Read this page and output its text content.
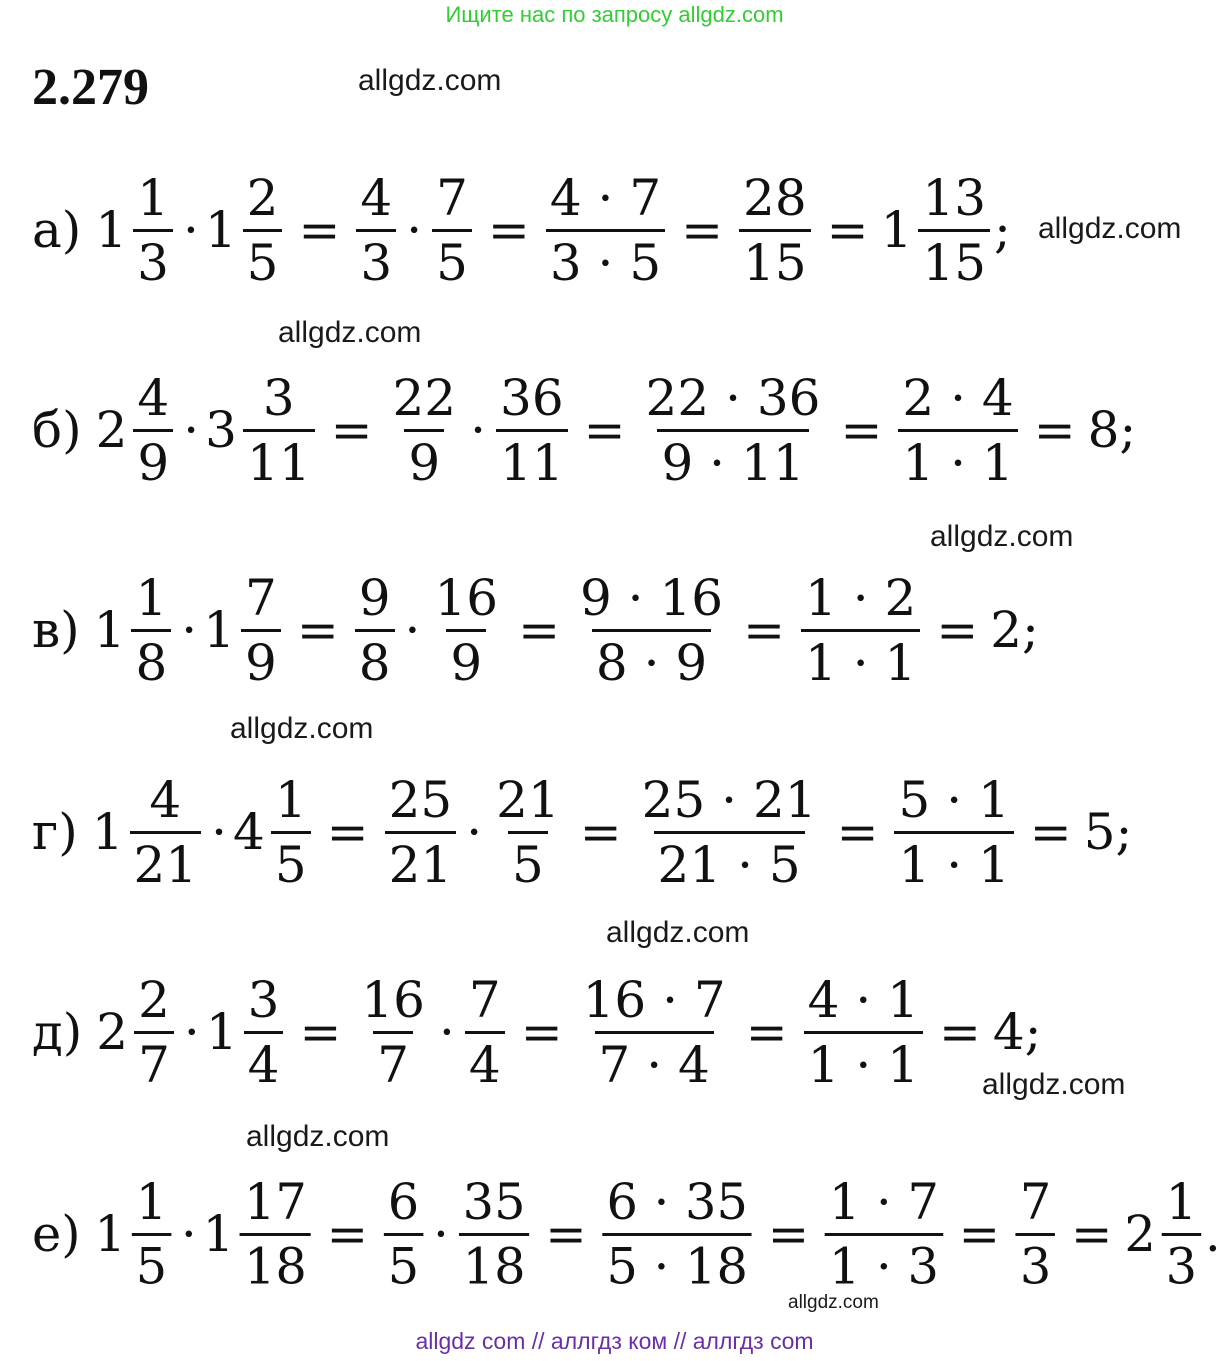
Ищите нас по запросу allgdz.com
2.279	allgdz.com
allgdz.com
allgdz.com
allgdz.com
allgdz.com
allgdz.com
allgdz.com
allgdz.com
allgdz.com
а) $1 \frac{1}{3} \cdot 1 \frac{2}{5} = \frac{4}{3} \cdot \frac{7}{5} = \frac{4 \cdot 7}{3 \cdot 5} = \frac{28}{15} = 1 \frac{13}{15}$ ;
б) $2 \frac{4}{9} \cdot 3 \frac{3}{11} = \frac{22}{9} \cdot \frac{36}{11} = \frac{22 \cdot 36}{9 \cdot 11} = \frac{2 \cdot 4}{1 \cdot 1} = 8$;
в) $1 \frac{1}{8} \cdot 1 \frac{7}{9} = \frac{9}{8} \cdot \frac{16}{9} = \frac{9 \cdot 16}{8 \cdot 9} = \frac{1 \cdot 2}{1 \cdot 1} = 2$;
г) $1 \frac{4}{21} \cdot 4 \frac{1}{5} = \frac{25}{21} \cdot \frac{21}{5} = \frac{25 \cdot 21}{21 \cdot 5} = \frac{5 \cdot 1}{1 \cdot 1} = 5$;
д) $2 \frac{2}{7} \cdot 1 \frac{3}{4} = \frac{16}{7} \cdot \frac{7}{4} = \frac{16 \cdot 7}{7 \cdot 4} = \frac{4 \cdot 1}{1 \cdot 1} = 4$;
е) $1 \frac{1}{5} \cdot 1 \frac{17}{18} = \frac{6}{5} \cdot \frac{35}{18} = \frac{6 \cdot 35}{5 \cdot 18} = \frac{1 \cdot 7}{1 \cdot 3} = \frac{7}{3} = 2 \frac{1}{3}$ .
allgdz com // аллгдз ком // аллгдз com
